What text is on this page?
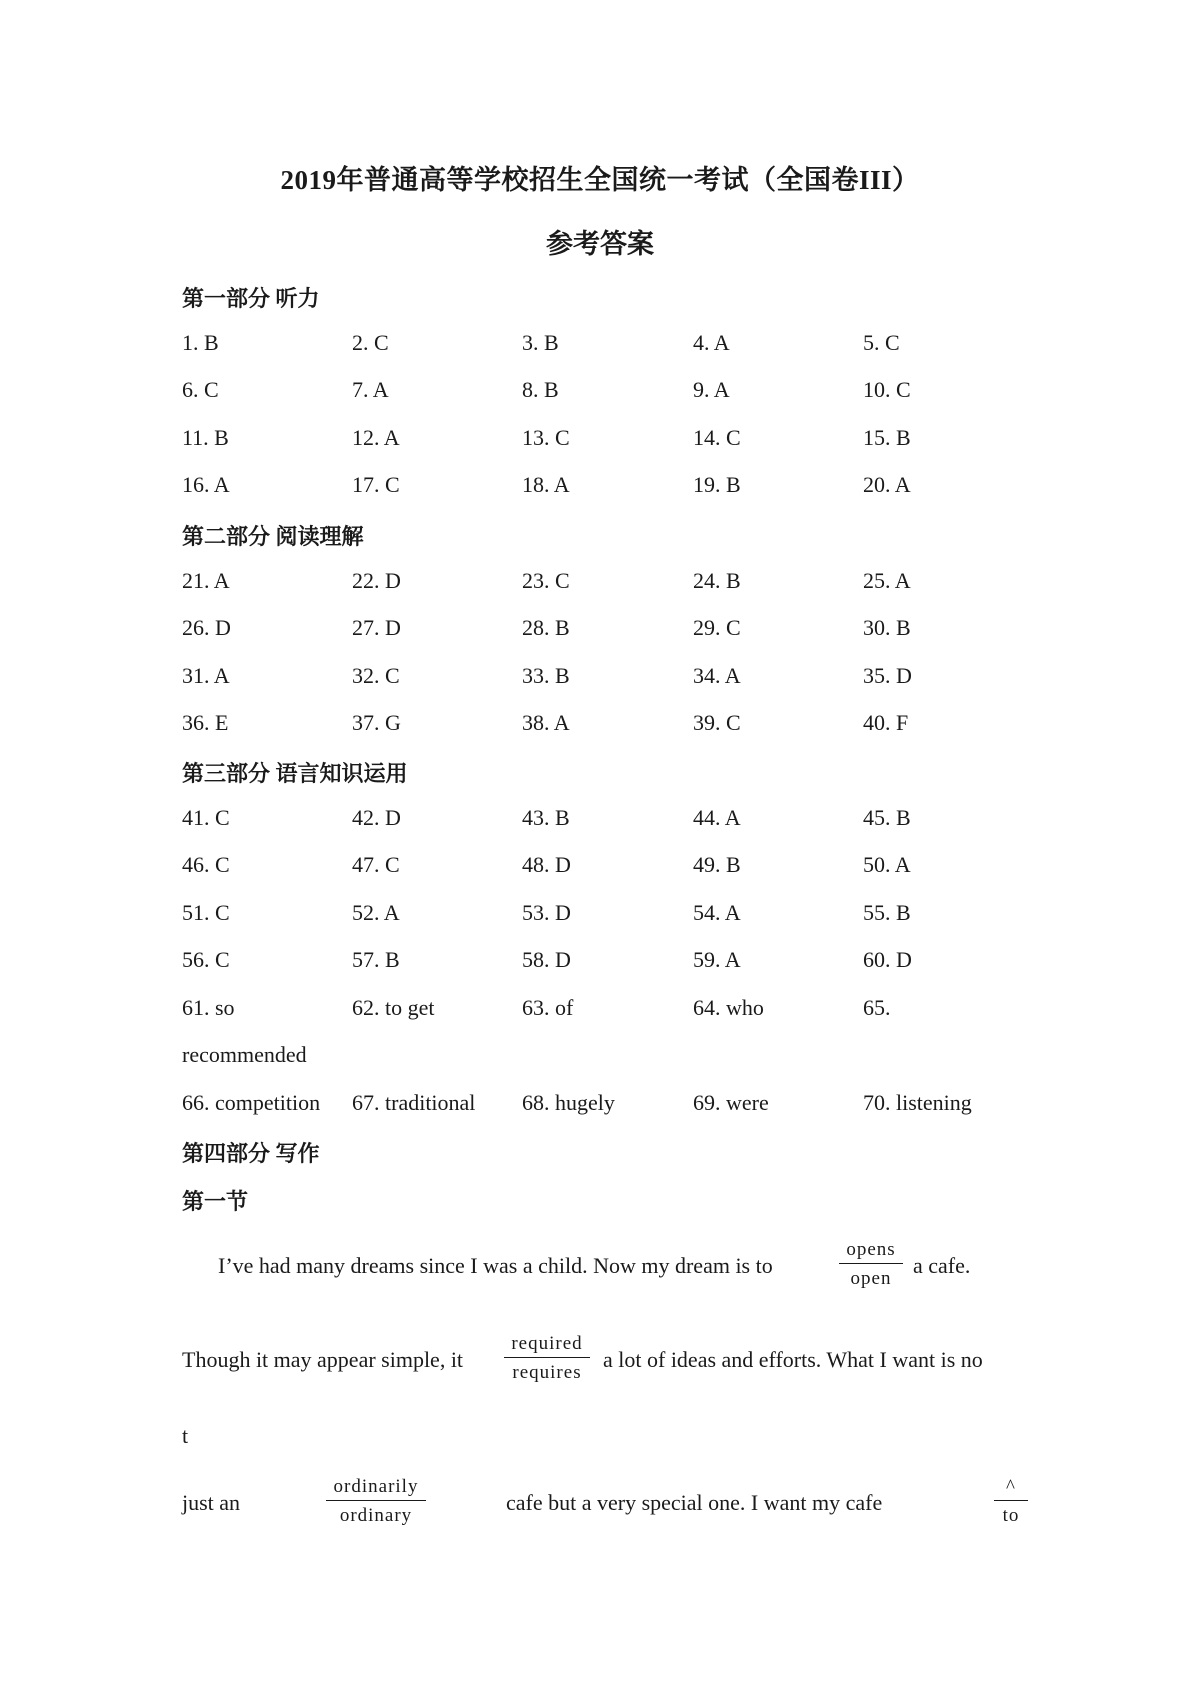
2019年普通高等学校招生全国统一考试（全国卷III）
参考答案
第一部分 听力
1. B	2. C	3. B	4. A	5. C
6. C	7. A	8. B	9. A	10. C
11. B	12. A	13. C	14. C	15. B
16. A	17. C	18. A	19. B	20. A
第二部分 阅读理解
21. A	22. D	23. C	24. B	25. A
26. D	27. D	28. B	29. C	30. B
31. A	32. C	33. B	34. A	35. D
36. E	37. G	38. A	39. C	40. F
第三部分 语言知识运用
41. C	42. D	43. B	44. A	45. B
46. C	47. C	48. D	49. B	50. A
51. C	52. A	53. D	54. A	55. B
56. C	57. B	58. D	59. A	60. D
61. so	62. to get	63. of	64. who	65.
recommended
66. competition 67. traditional 68. hugely	69. were	70. listening
第四部分 写作
第一节
I’ve had many dreams since I was a child. Now my dream is to
opens
open
a cafe.
Though it may appear simple, it
required
requires
a lot of ideas and efforts. What I want is no
t
just an
ordinarily
ordinary
cafe but a very special one. I want my cafe
^
to
